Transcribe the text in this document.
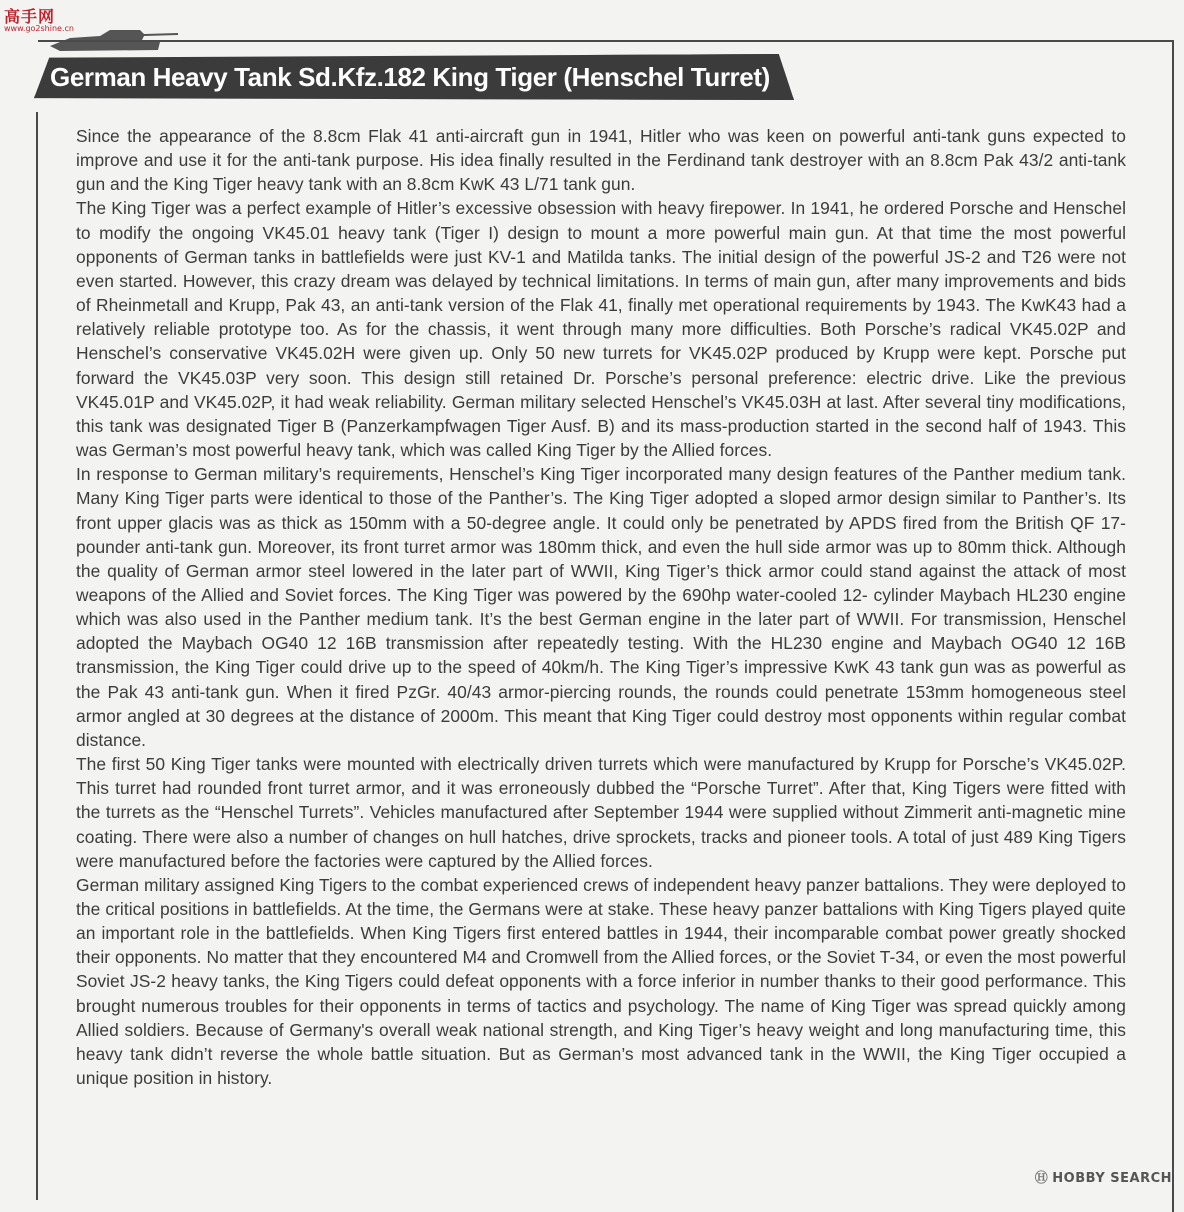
高手网
www.go2shine.cn
German Heavy Tank Sd.Kfz.182 King Tiger (Henschel Turret)

Since the appearance of the 8.8cm Flak 41 anti-aircraft gun in 1941, Hitler who was keen on powerful anti-tank guns expected to improve and use it for the anti-tank purpose. His idea finally resulted in the Ferdinand tank destroyer with an 8.8cm Pak 43/2 anti-tank gun and the King Tiger heavy tank with an 8.8cm KwK 43 L/71 tank gun.

The King Tiger was a perfect example of Hitler’s excessive obsession with heavy firepower. In 1941, he ordered Porsche and Henschel to modify the ongoing VK45.01 heavy tank (Tiger I) design to mount a more powerful main gun. At that time the most powerful opponents of German tanks in battlefields were just KV-1 and Matilda tanks. The initial design of the powerful JS-2 and T26 were not even started. However, this crazy dream was delayed by technical limitations. In terms of main gun, after many improvements and bids of Rheinmetall and Krupp, Pak 43, an anti-tank version of the Flak 41, finally met operational requirements by 1943. The KwK43 had a relatively reliable prototype too. As for the chassis, it went through many more difficulties. Both Porsche’s radical VK45.02P and Henschel’s conservative VK45.02H were given up. Only 50 new turrets for VK45.02P produced by Krupp were kept. Porsche put forward the VK45.03P very soon. This design still retained Dr. Porsche’s personal preference: electric drive. Like the previous VK45.01P and VK45.02P, it had weak reliability. German military selected Henschel’s VK45.03H at last. After several tiny modifications, this tank was designated Tiger B (Panzerkampfwagen Tiger Ausf. B) and its mass-production started in the second half of 1943. This was German’s most powerful heavy tank, which was called King Tiger by the Allied forces.

In response to German military’s requirements, Henschel’s King Tiger incorporated many design features of the Panther medium tank. Many King Tiger parts were identical to those of the Panther’s. The King Tiger adopted a sloped armor design similar to Panther’s. Its front upper glacis was as thick as 150mm with a 50-degree angle. It could only be penetrated by APDS fired from the British QF 17-pounder anti-tank gun. Moreover, its front turret armor was 180mm thick, and even the hull side armor was up to 80mm thick. Although the quality of German armor steel lowered in the later part of WWII, King Tiger’s thick armor could stand against the attack of most weapons of the Allied and Soviet forces. The King Tiger was powered by the 690hp water-cooled 12- cylinder Maybach HL230 engine which was also used in the Panther medium tank. It’s the best German engine in the later part of WWII. For transmission, Henschel adopted the Maybach OG40 12 16B transmission after repeatedly testing. With the HL230 engine and Maybach OG40 12 16B transmission, the King Tiger could drive up to the speed of 40km/h. The King Tiger’s impressive KwK 43 tank gun was as powerful as the Pak 43 anti-tank gun. When it fired PzGr. 40/43 armor-piercing rounds, the rounds could penetrate 153mm homogeneous steel armor angled at 30 degrees at the distance of 2000m. This meant that King Tiger could destroy most opponents within regular combat distance.

The first 50 King Tiger tanks were mounted with electrically driven turrets which were manufactured by Krupp for Porsche’s VK45.02P. This turret had rounded front turret armor, and it was erroneously dubbed the “Porsche Turret”. After that, King Tigers were fitted with the turrets as the “Henschel Turrets”. Vehicles manufactured after September 1944 were supplied without Zimmerit anti-magnetic mine coating. There were also a number of changes on hull hatches, drive sprockets, tracks and pioneer tools. A total of just 489 King Tigers were manufactured before the factories were captured by the Allied forces.

German military assigned King Tigers to the combat experienced crews of independent heavy panzer battalions. They were deployed to the critical positions in battlefields. At the time, the Germans were at stake. These heavy panzer battalions with King Tigers played quite an important role in the battlefields. When King Tigers first entered battles in 1944, their incomparable combat power greatly shocked their opponents. No matter that they encountered M4 and Cromwell from the Allied forces, or the Soviet T-34, or even the most powerful Soviet JS-2 heavy tanks, the King Tigers could defeat opponents with a force inferior in number thanks to their good performance. This brought numerous troubles for their opponents in terms of tactics and psychology. The name of King Tiger was spread quickly among Allied soldiers. Because of Germany's overall weak national strength, and King Tiger’s heavy weight and long manufacturing time, this heavy tank didn’t reverse the whole battle situation. But as German’s most advanced tank in the WWII, the King Tiger occupied a unique position in history.

Ⓗ HOBBY SEARCH
